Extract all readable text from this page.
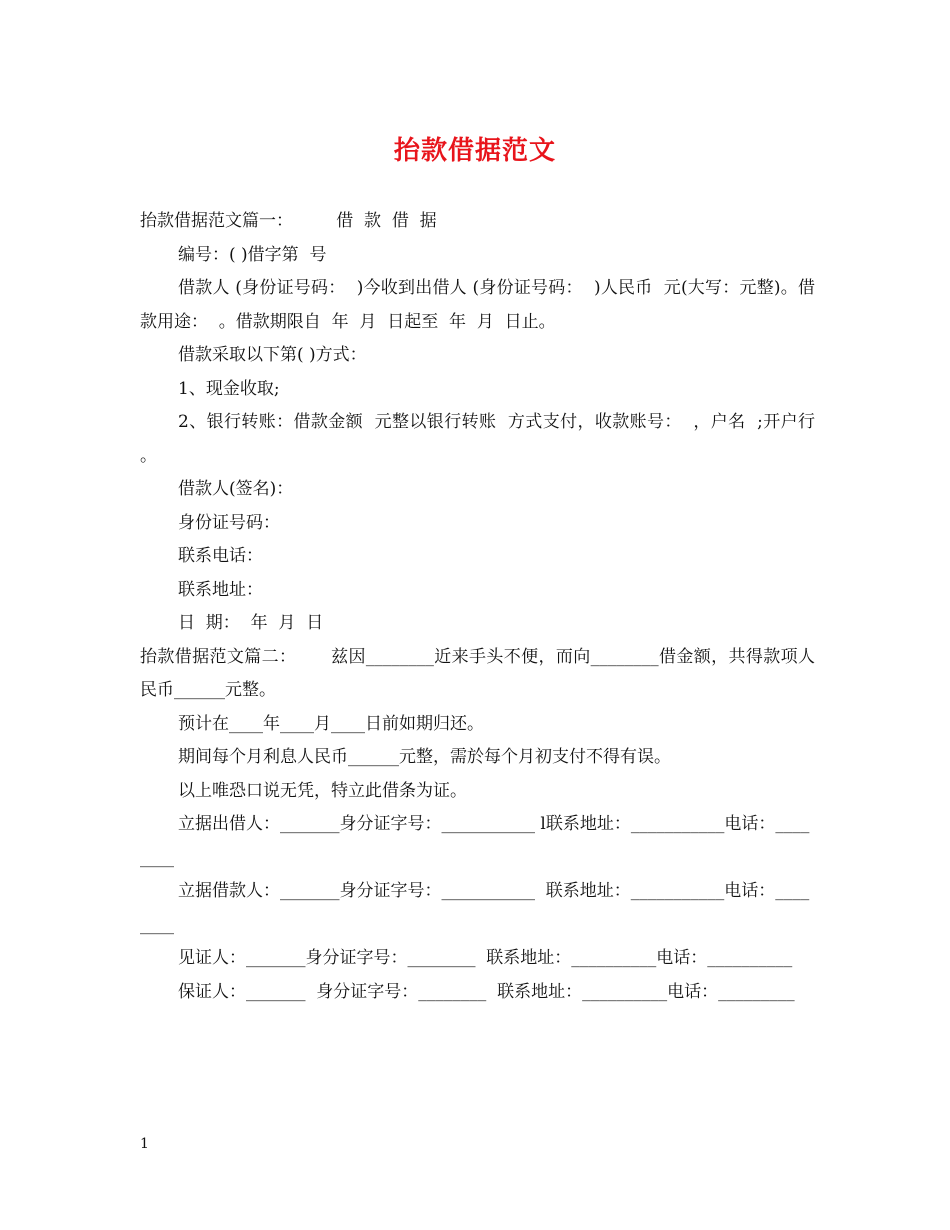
抬款借据范文

抬款借据范文篇一：        借  款  借  据

编号：( )借字第  号

借款人 (身份证号码：  )今收到出借人 (身份证号码：  )人民币  元(大写：元整)。借款用途：  。借款期限自  年  月  日起至  年  月  日止。

借款采取以下第( )方式：

1、现金收取;

2、银行转账：借款金额  元整以银行转账  方式支付，收款账号：  ，户名  ;开户行  。

借款人(签名)：

身份证号码：

联系电话：

联系地址：

日  期：  年  月  日

抬款借据范文篇二：      兹因________近来手头不便，而向________借金额，共得款项人民币______元整。

预计在____年____月____日前如期归还。

期间每个月利息人民币______元整，需於每个月初支付不得有误。

以上唯恐口说无凭，特立此借条为证。

立据出借人：_______身分证字号：___________ l联系地址：___________电话：________

立据借款人：_______身分证字号：___________  联系地址：___________电话：________

见证人：_______身分证字号：________  联系地址：__________电话：__________

保证人：_______  身分证字号：________  联系地址：__________电话：_________

1
